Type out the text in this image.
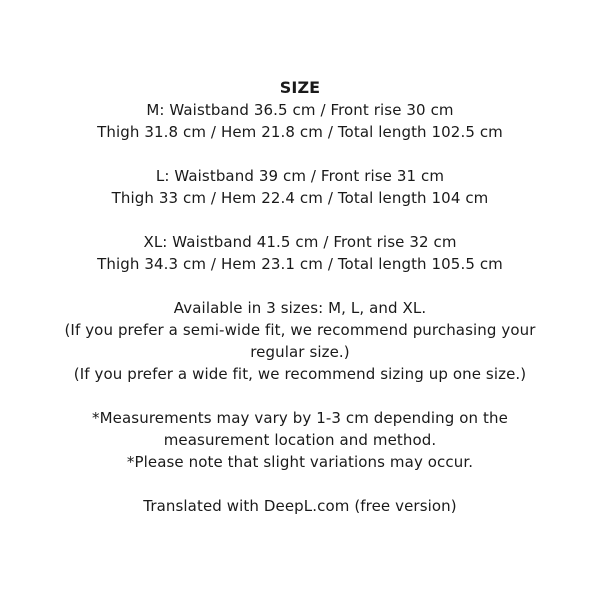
SIZE
M: Waistband 36.5 cm / Front rise 30 cm
Thigh 31.8 cm / Hem 21.8 cm / Total length 102.5 cm
L: Waistband 39 cm / Front rise 31 cm
Thigh 33 cm / Hem 22.4 cm / Total length 104 cm
XL: Waistband 41.5 cm / Front rise 32 cm
Thigh 34.3 cm / Hem 23.1 cm / Total length 105.5 cm
Available in 3 sizes: M, L, and XL.
(If you prefer a semi-wide fit, we recommend purchasing your
regular size.)
(If you prefer a wide fit, we recommend sizing up one size.)
*Measurements may vary by 1-3 cm depending on the
measurement location and method.
*Please note that slight variations may occur.
Translated with DeepL.com (free version)
